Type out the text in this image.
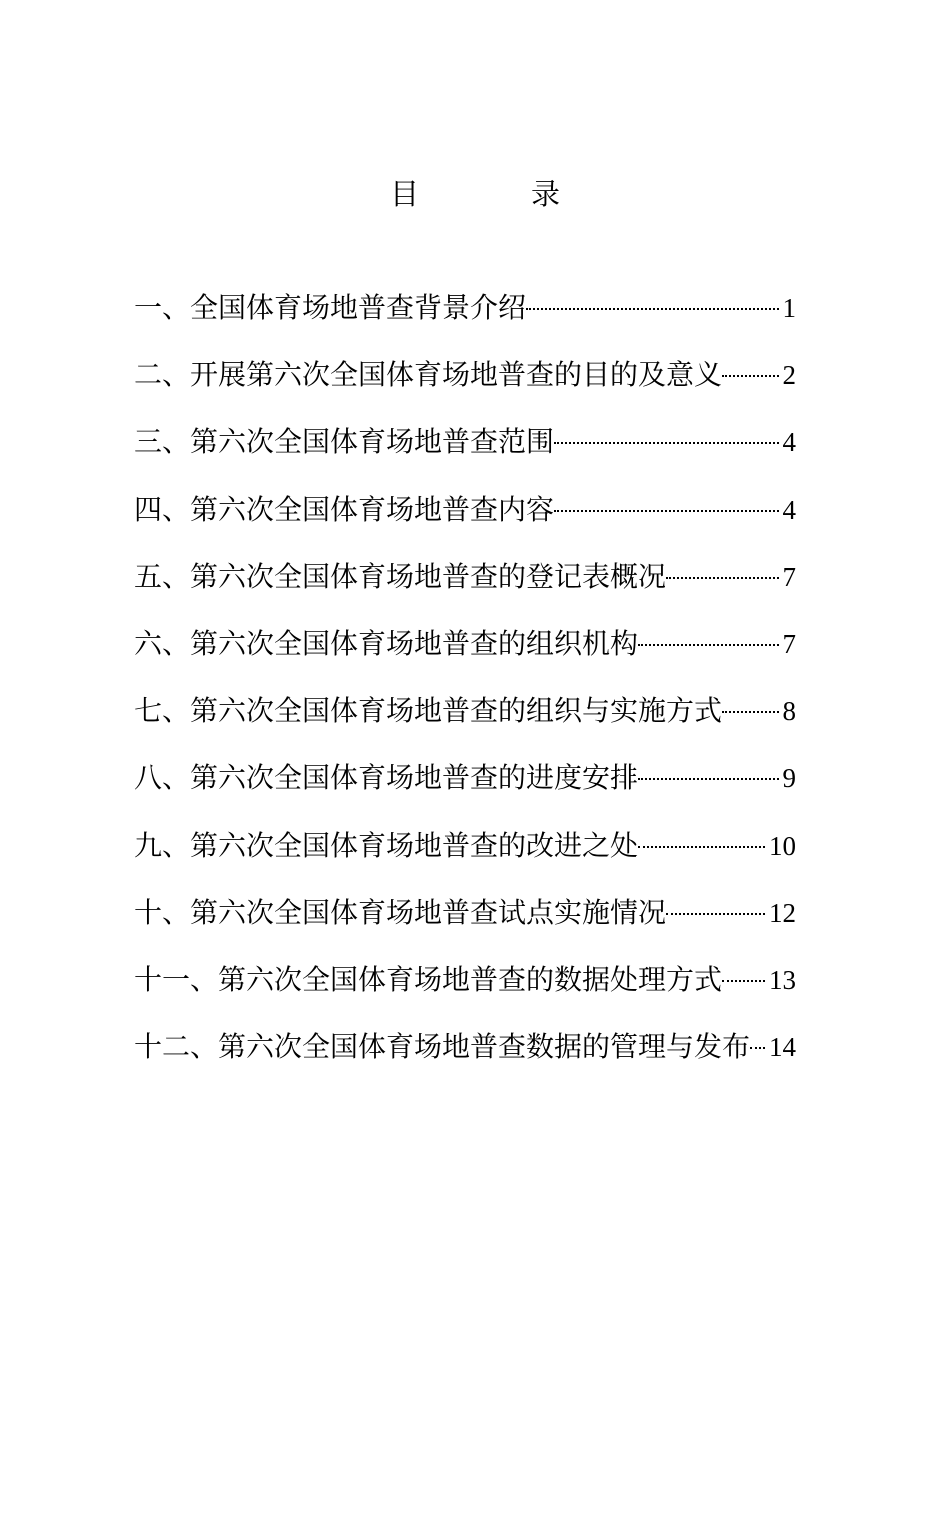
目	录
一、全国体育场地普查背景介绍	1
二、开展第六次全国体育场地普查的目的及意义 2
三、第六次全国体育场地普查范围	4
四、第六次全国体育场地普查内容	4
五、第六次全国体育场地普查的登记表概况	7
六、第六次全国体育场地普查的组织机构	7
七、第六次全国体育场地普查的组织与实施方式 8
八、第六次全国体育场地普查的进度安排	9
九、第六次全国体育场地普查的改进之处	10
十、第六次全国体育场地普查试点实施情况	12
十一、第六次全国体育场地普查的数据处理方式 13
十二、第六次全国体育场地普查数据的管理与发布 14
